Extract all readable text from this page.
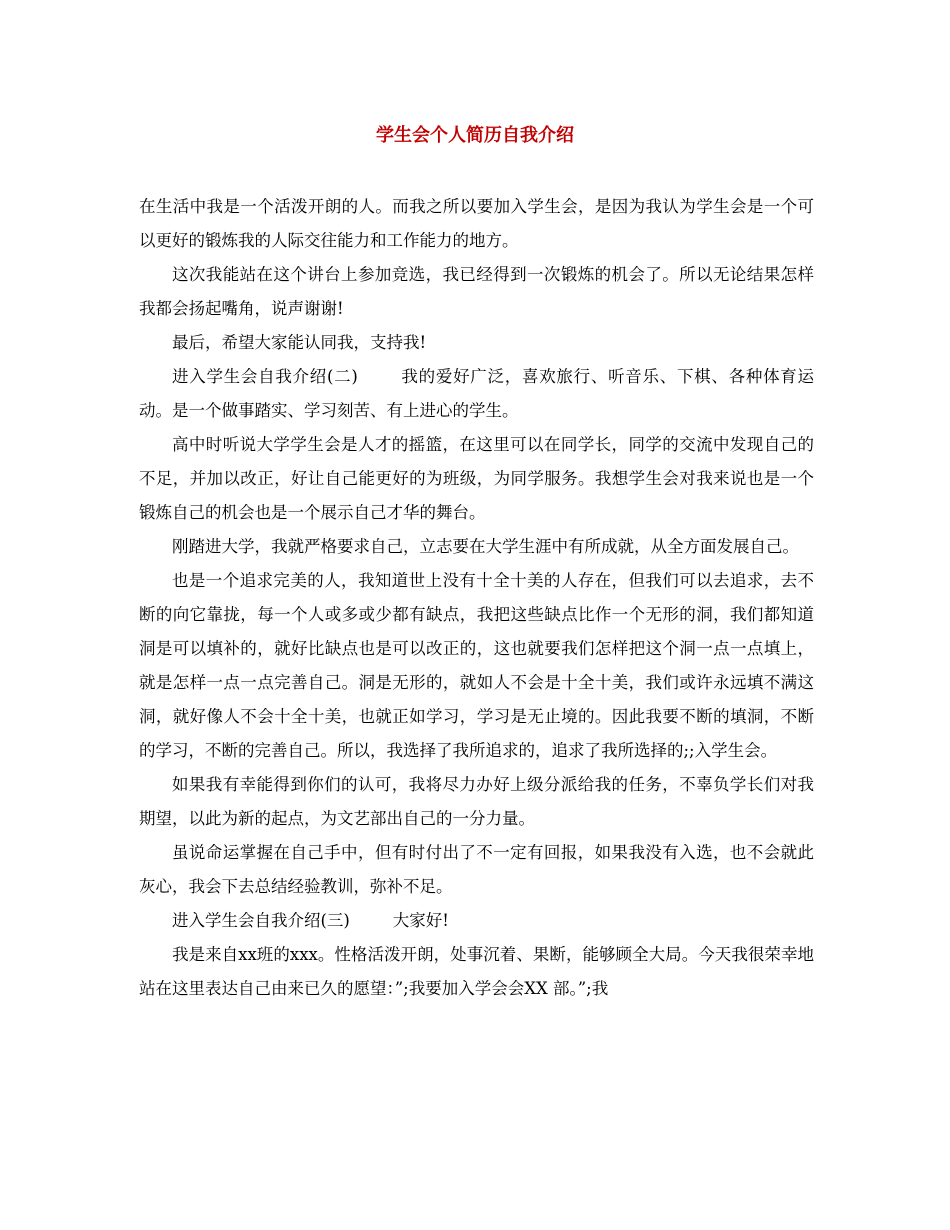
学生会个人简历自我介绍

在生活中我是一个活泼开朗的人。而我之所以要加入学生会，是因为我认为学生会是一个可以更好的锻炼我的人际交往能力和工作能力的地方。

这次我能站在这个讲台上参加竞选，我已经得到一次锻炼的机会了。所以无论结果怎样我都会扬起嘴角，说声谢谢!

最后，希望大家能认同我，支持我!

进入学生会自我介绍(二)	我的爱好广泛，喜欢旅行、听音乐、下棋、各种体育运动。是一个做事踏实、学习刻苦、有上进心的学生。

高中时听说大学学生会是人才的摇篮，在这里可以在同学长，同学的交流中发现自己的不足，并加以改正，好让自己能更好的为班级，为同学服务。我想学生会对我来说也是一个锻炼自己的机会也是一个展示自己才华的舞台。

刚踏进大学，我就严格要求自己，立志要在大学生涯中有所成就，从全方面发展自己。

也是一个追求完美的人，我知道世上没有十全十美的人存在，但我们可以去追求，去不断的向它靠拢，每一个人或多或少都有缺点，我把这些缺点比作一个无形的洞，我们都知道洞是可以填补的，就好比缺点也是可以改正的，这也就要我们怎样把这个洞一点一点填上，就是怎样一点一点完善自己。洞是无形的，就如人不会是十全十美，我们或许永远填不满这洞，就好像人不会十全十美，也就正如学习，学习是无止境的。因此我要不断的填洞，不断的学习，不断的完善自己。所以，我选择了我所追求的，追求了我所选择的;;入学生会。

如果我有幸能得到你们的认可，我将尽力办好上级分派给我的任务，不辜负学长们对我期望，以此为新的起点，为文艺部出自己的一分力量。

虽说命运掌握在自己手中，但有时付出了不一定有回报，如果我没有入选，也不会就此灰心，我会下去总结经验教训，弥补不足。

进入学生会自我介绍(三)	大家好!

我是来自xx班的xxx。性格活泼开朗，处事沉着、果断，能够顾全大局。今天我很荣幸地站在这里表达自己由来已久的愿望：”;我要加入学会会XX 部。”;我
